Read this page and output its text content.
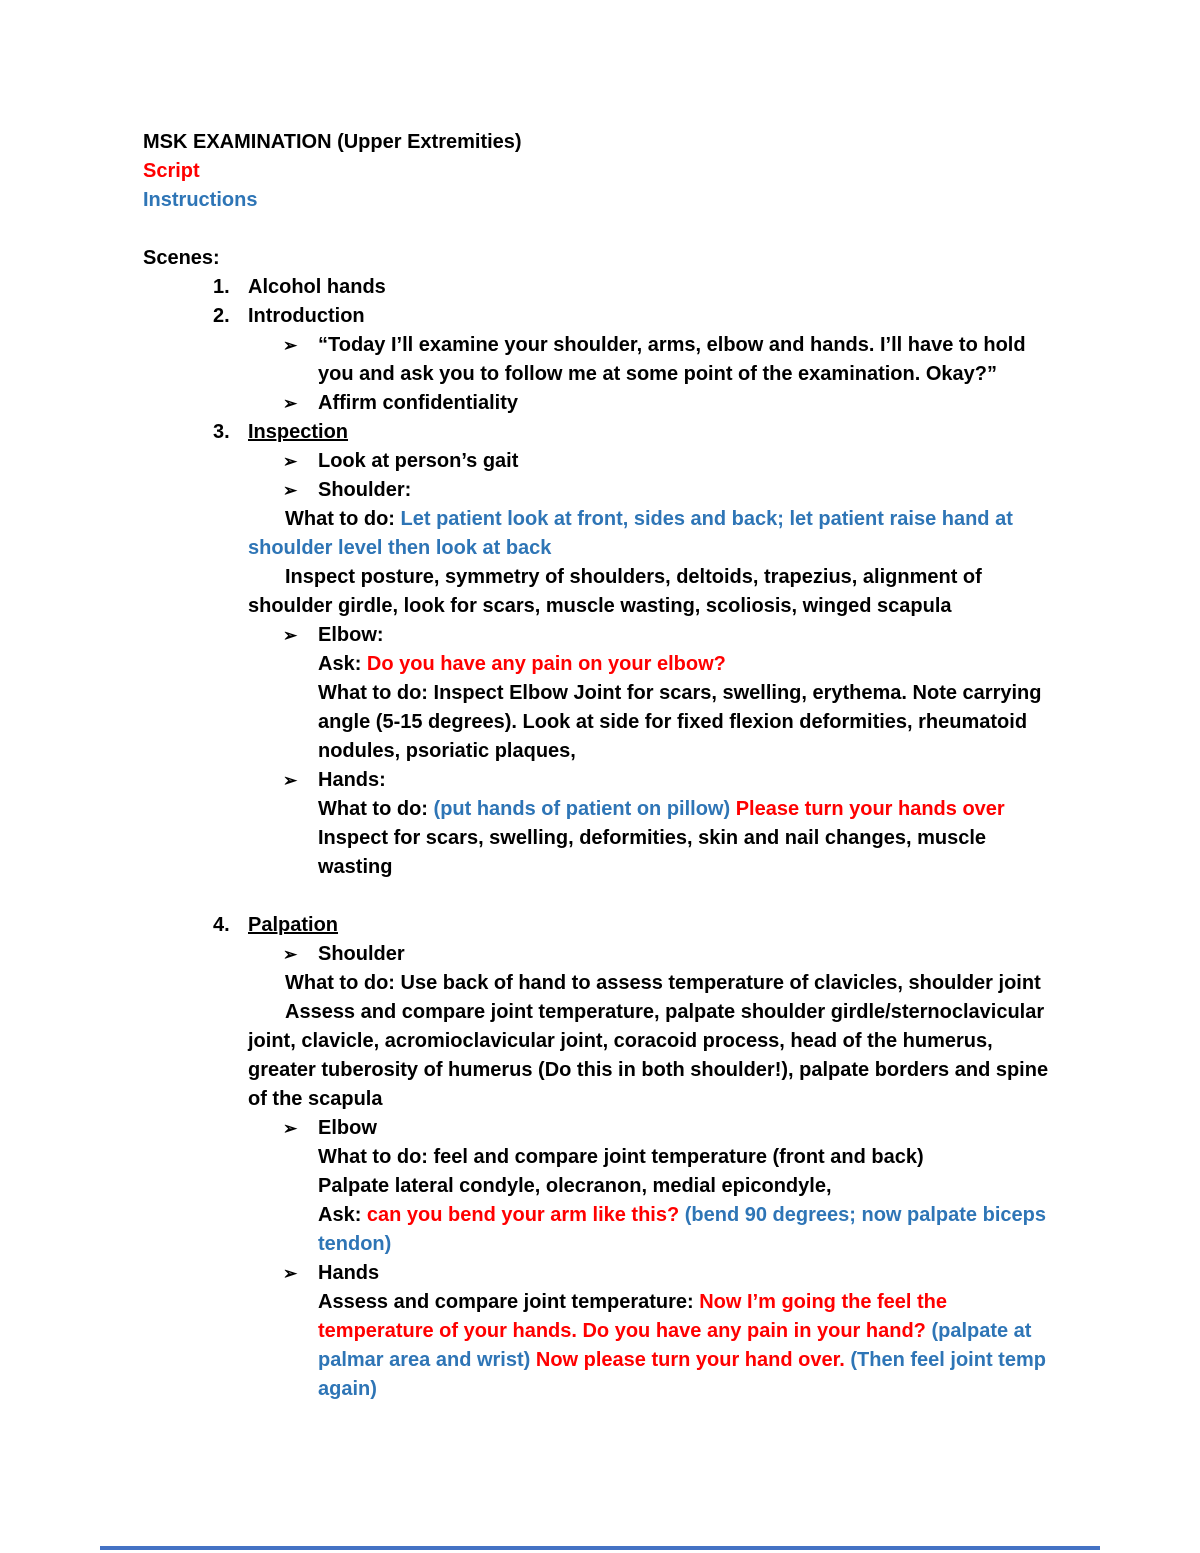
MSK EXAMINATION (Upper Extremities)

Script

Instructions

Scenes:

1. Alcohol hands

2. Introduction

➢ “Today I’ll examine your shoulder, arms, elbow and hands. I’ll have to hold you and ask you to follow me at some point of the examination. Okay?”

➢ Affirm confidentiality

3. Inspection

➢ Look at person’s gait

➢ Shoulder:

What to do: Let patient look at front, sides and back; let patient raise hand at shoulder level then look at back

Inspect posture, symmetry of shoulders, deltoids, trapezius, alignment of shoulder girdle, look for scars, muscle wasting, scoliosis, winged scapula

➢ Elbow:

Ask: Do you have any pain on your elbow?

What to do: Inspect Elbow Joint for scars, swelling, erythema. Note carrying angle (5-15 degrees). Look at side for fixed flexion deformities, rheumatoid nodules, psoriatic plaques,

➢ Hands:

What to do: (put hands of patient on pillow) Please turn your hands over

Inspect for scars, swelling, deformities, skin and nail changes, muscle wasting

4. Palpation

➢ Shoulder

What to do: Use back of hand to assess temperature of clavicles, shoulder joint

Assess and compare joint temperature, palpate shoulder girdle/sternoclavicular joint, clavicle, acromioclavicular joint, coracoid process, head of the humerus, greater tuberosity of humerus (Do this in both shoulder!), palpate borders and spine of the scapula

➢ Elbow

What to do: feel and compare joint temperature (front and back)

Palpate lateral condyle, olecranon, medial epicondyle,

Ask: can you bend your arm like this? (bend 90 degrees; now palpate biceps tendon)

➢ Hands

Assess and compare joint temperature: Now I’m going the feel the temperature of your hands. Do you have any pain in your hand? (palpate at palmar area and wrist) Now please turn your hand over. (Then feel joint temp again)
